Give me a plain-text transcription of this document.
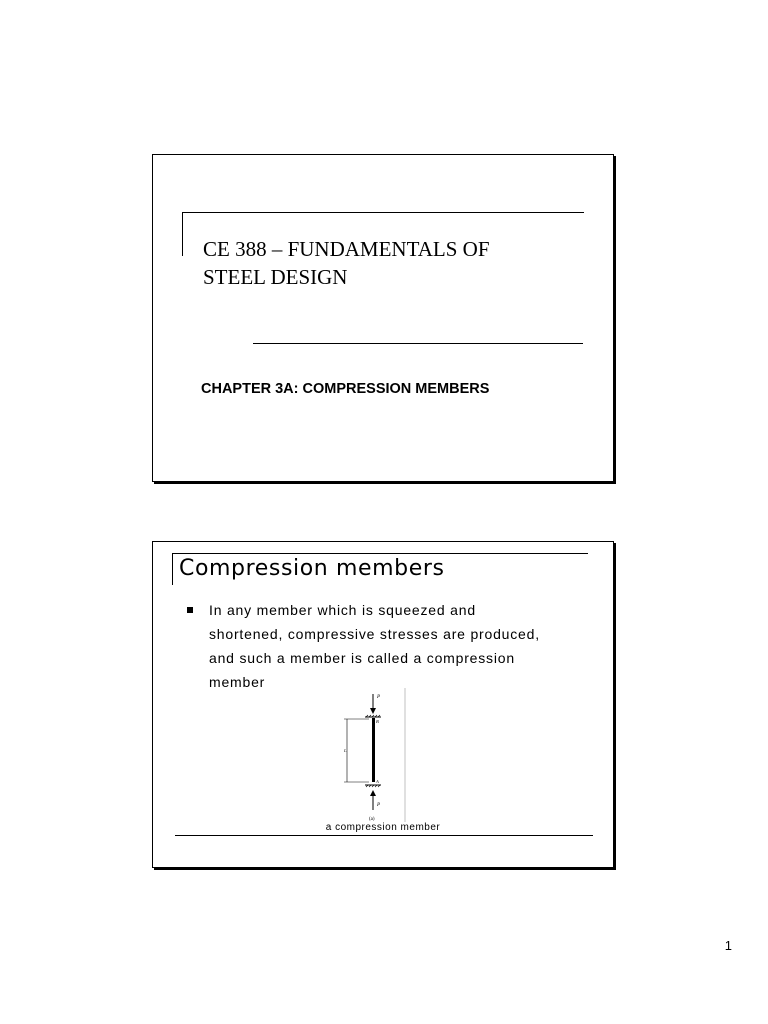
CE 388 – FUNDAMENTALS OF
STEEL DESIGN
CHAPTER 3A: COMPRESSION MEMBERS
Compression members
In any member which is squeezed and
shortened, compressive stresses are produced,
and such a member is called a compression
member
P
B
L
A
P
(a)
a compression member
1
